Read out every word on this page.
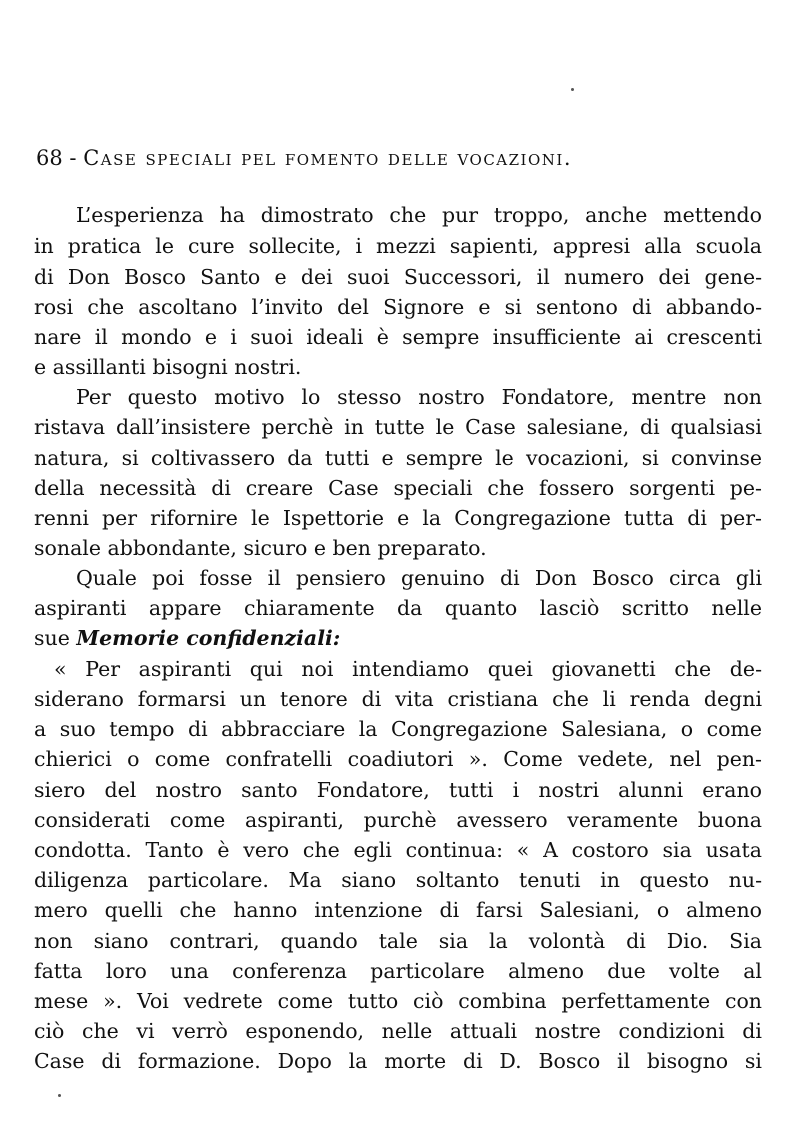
68 - Case speciali pel fomento delle vocazioni.
L’esperienza ha dimostrato che pur troppo, anche mettendo
in pratica le cure sollecite, i mezzi sapienti, appresi alla scuola
di Don Bosco Santo e dei suoi Successori, il numero dei gene-
rosi che ascoltano l’invito del Signore e si sentono di abbando-
nare il mondo e i suoi ideali è sempre insufficiente ai crescenti
e assillanti bisogni nostri.
Per questo motivo lo stesso nostro Fondatore, mentre non
ristava dall’insistere perchè in tutte le Case salesiane, di qualsiasi
natura, si coltivassero da tutti e sempre le vocazioni, si convinse
della necessità di creare Case speciali che fossero sorgenti pe-
renni per rifornire le Ispettorie e la Congregazione tutta di per-
sonale abbondante, sicuro e ben preparato.
Quale poi fosse il pensiero genuino di Don Bosco circa gli
aspiranti appare chiaramente da quanto lasciò scritto nelle
sue Memorie confidenziali:
« Per aspiranti qui noi intendiamo quei giovanetti che de-
siderano formarsi un tenore di vita cristiana che li renda degni
a suo tempo di abbracciare la Congregazione Salesiana, o come
chierici o come confratelli coadiutori ». Come vedete, nel pen-
siero del nostro santo Fondatore, tutti i nostri alunni erano
considerati come aspiranti, purchè avessero veramente buona
condotta. Tanto è vero che egli continua: « A costoro sia usata
diligenza particolare. Ma siano soltanto tenuti in questo nu-
mero quelli che hanno intenzione di farsi Salesiani, o almeno
non siano contrari, quando tale sia la volontà di Dio. Sia
fatta loro una conferenza particolare almeno due volte al
mese ». Voi vedrete come tutto ciò combina perfettamente con
ciò che vi verrò esponendo, nelle attuali nostre condizioni di
Case di formazione. Dopo la morte di D. Bosco il bisogno si
